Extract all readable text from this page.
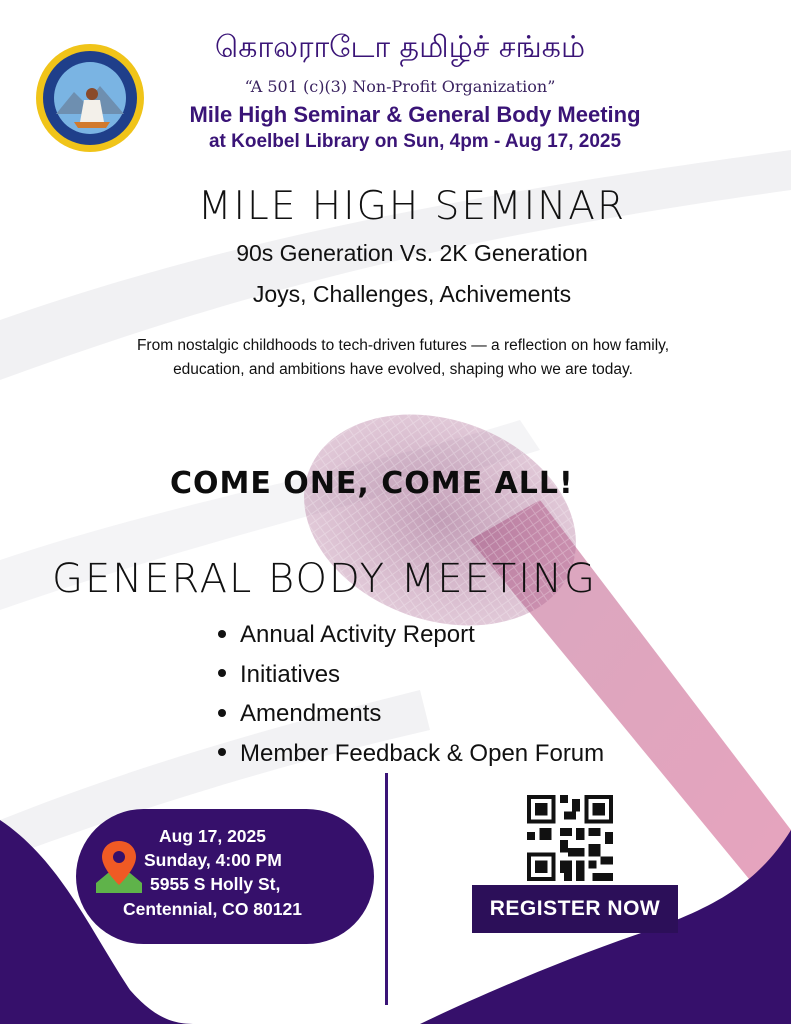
கொலராடோ தமிழ்ச் சங்கம்
“A 501 (c)(3) Non-Profit Organization”
Mile High Seminar & General Body Meeting
at Koelbel Library on Sun, 4pm - Aug 17, 2025
MILE HIGH SEMINAR
90s Generation Vs. 2K Generation
Joys, Challenges, Achivements
From nostalgic childhoods to tech-driven futures — a reflection on how family, education, and ambitions have evolved, shaping who we are today.
COME ONE, COME ALL!
GENERAL BODY MEETING
Annual Activity Report
Initiatives
Amendments
Member Feedback & Open Forum
Aug 17, 2025
Sunday, 4:00 PM
5955 S Holly St,
Centennial, CO 80121	REGISTER NOW
